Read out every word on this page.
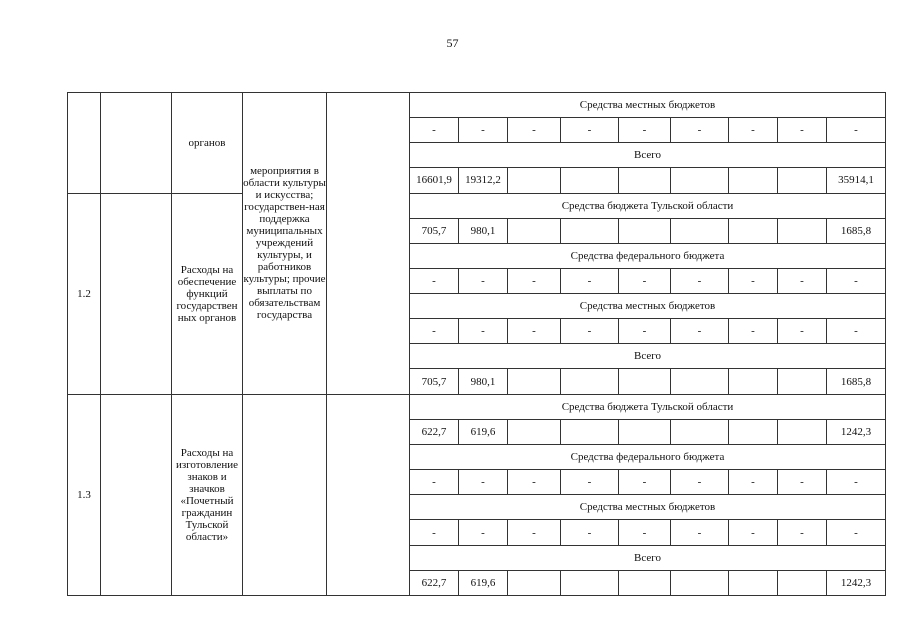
57
		органов	мероприятия в области культуры и искусства; государствен-ная поддержка муниципальных учреждений культуры, и работников культуры; прочие выплаты по обязательствам государства		Средства местных бюджетов								
					-	-	-	-	-	-	-	-	-
					Всего								
					16601,9	19312,2							35914,1
1.2		Расходы на обеспечение функций государствен ных органов			Средства бюджета Тульской области								
					705,7	980,1							1685,8
					Средства федерального бюджета								
					-	-	-	-	-	-	-	-	-
					Средства местных бюджетов								
					-	-	-	-	-	-	-	-	-
					Всего								
					705,7	980,1							1685,8
1.3		Расходы на изготовление знаков и значков «Почетный гражданин Тульской области»			Средства бюджета Тульской области								
					622,7	619,6							1242,3
					Средства федерального бюджета								
					-	-	-	-	-	-	-	-	-
					Средства местных бюджетов								
					-	-	-	-	-	-	-	-	-
					Всего								
					622,7	619,6							1242,3
